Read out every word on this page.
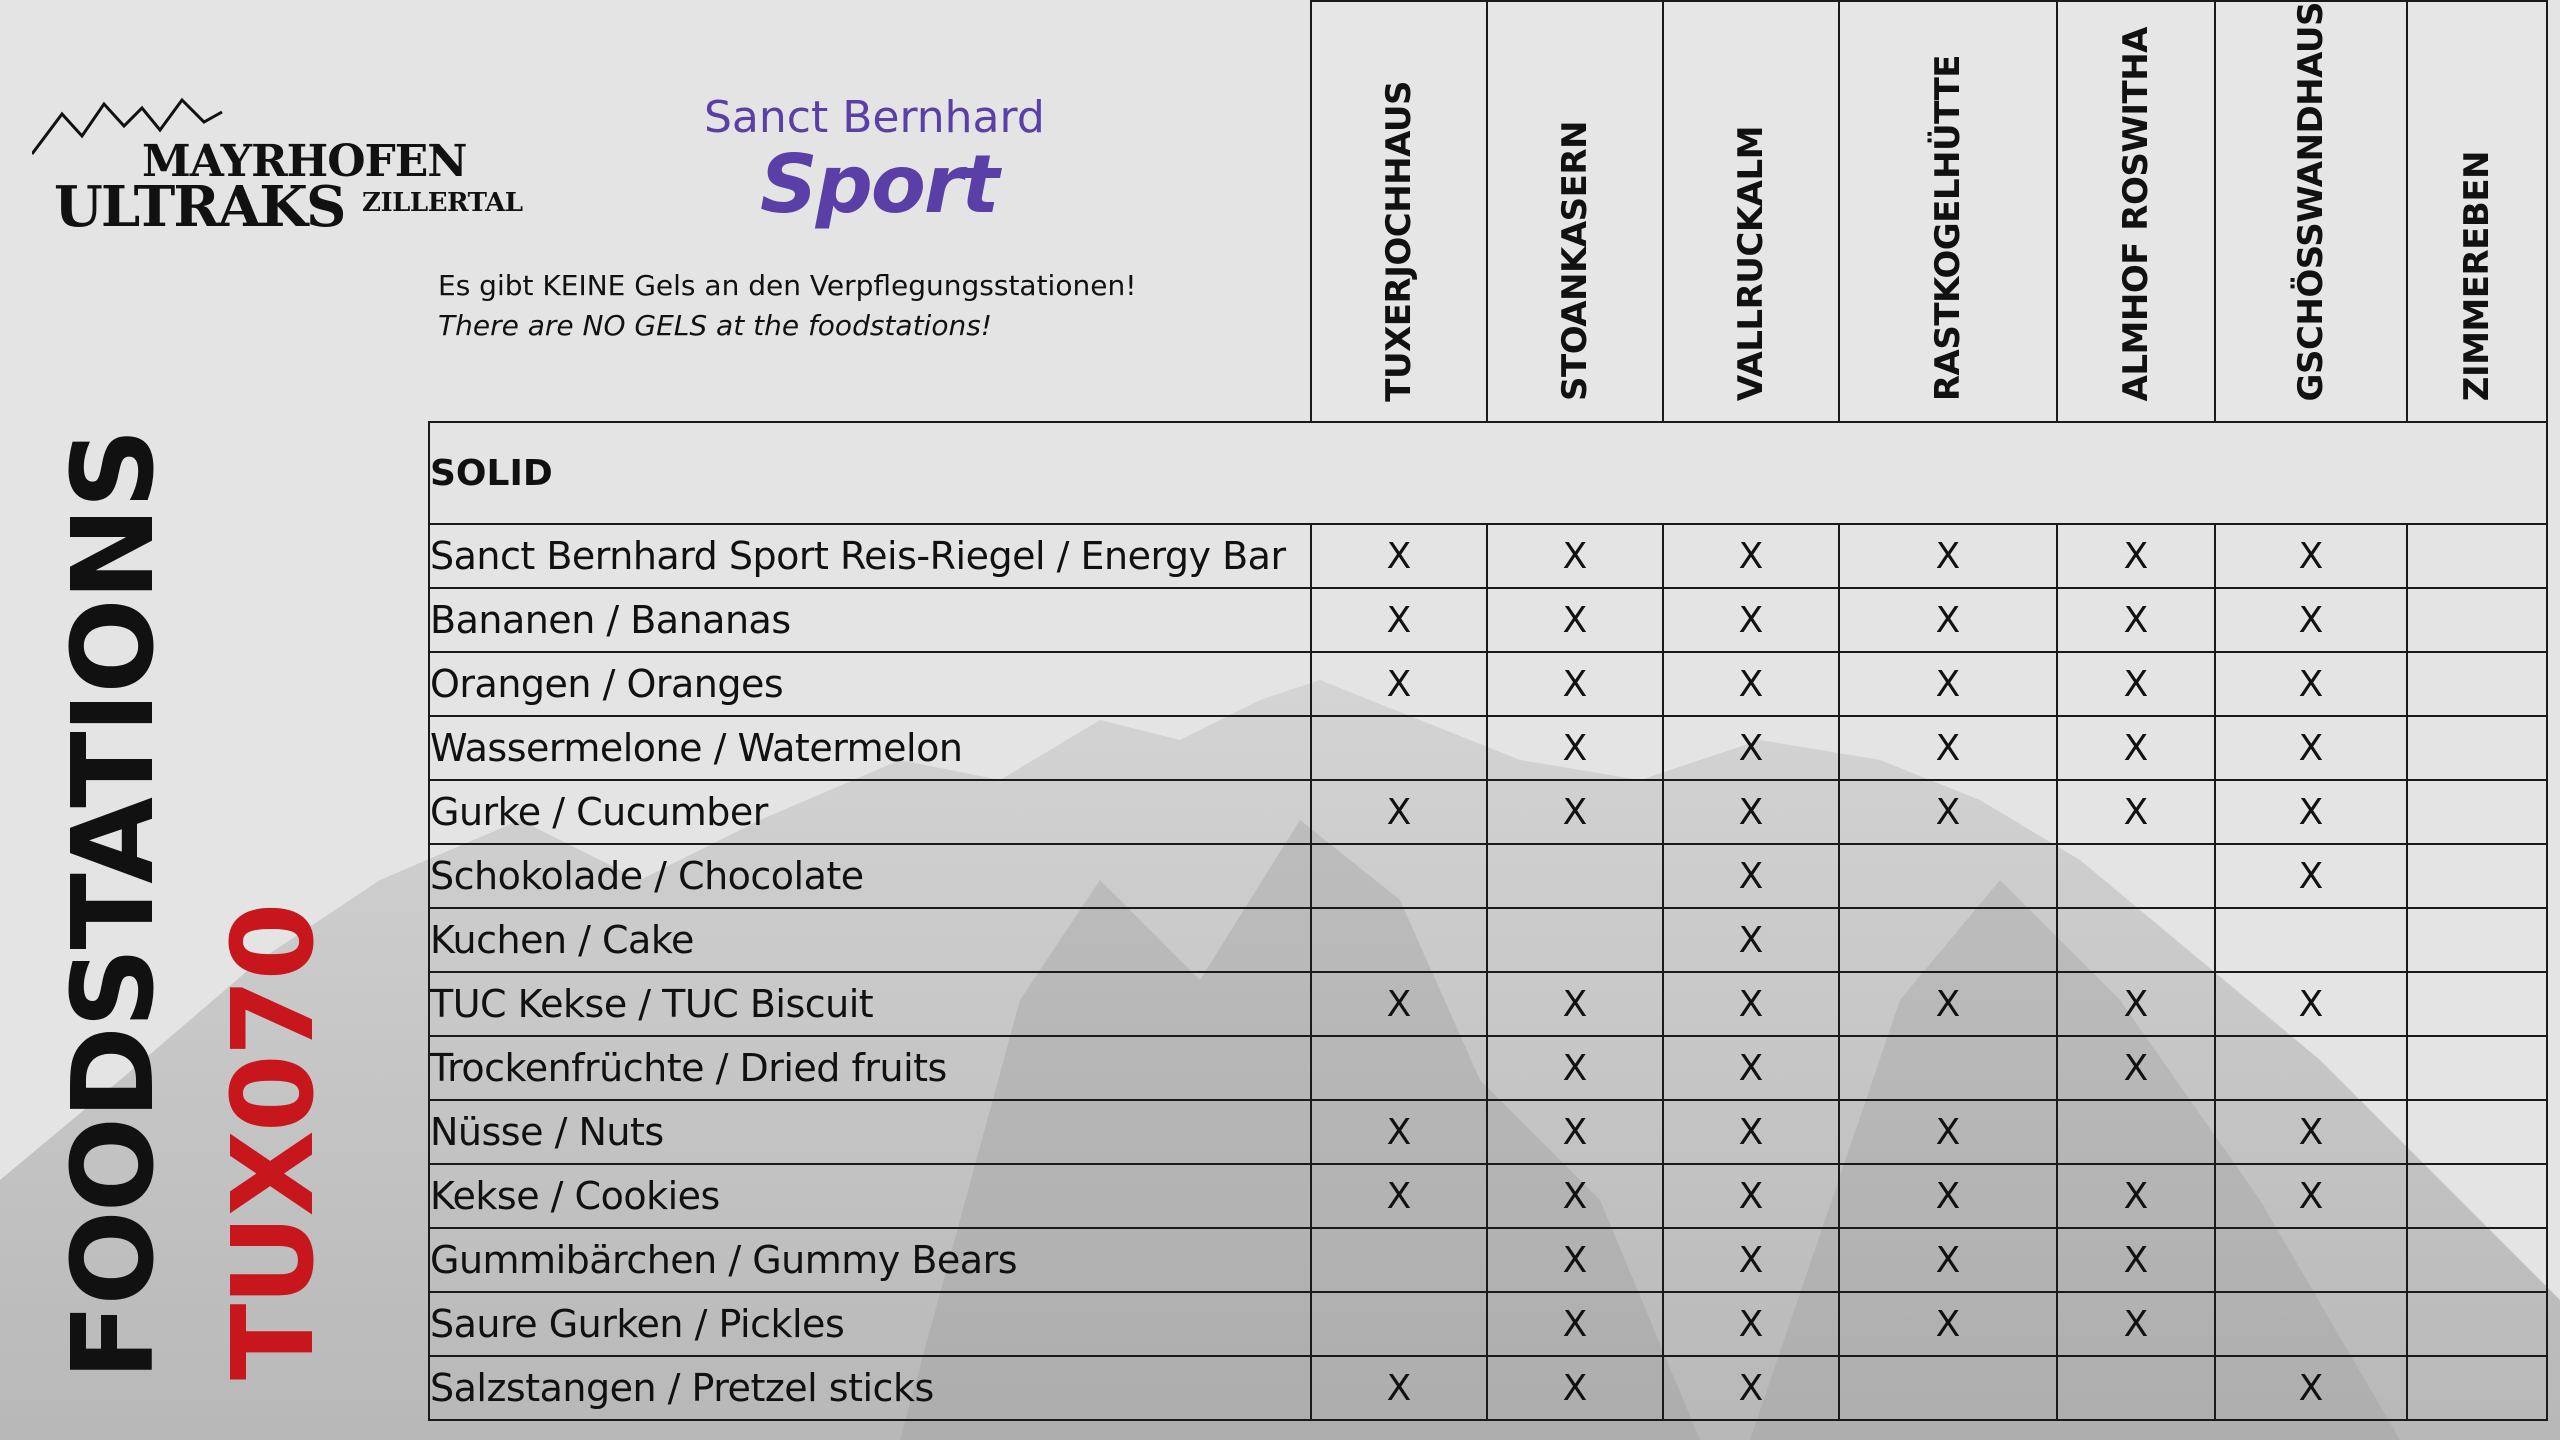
MAYRHOFEN
ULTRAKS ZILLERTAL
Sanct Bernhard
Sport
Es gibt KEINE Gels an den Verpflegungsstationen!
There are NO GELS at the foodstations!
FOODSTATIONS TUX070
	TUXERJOCHHAUS	STOANKASERN	VALLRUCKALM	RASTKOGELHÜTTE	ALMHOF ROSWITHA	GSCHÖSSWANDHAUS	ZIMMEREBEN
SOLID							
Sanct Bernhard Sport Reis-Riegel / Energy Bar	X	X	X	X	X	X	
Bananen / Bananas	X	X	X	X	X	X	
Orangen / Oranges	X	X	X	X	X	X	
Wassermelone / Watermelon		X	X	X	X	X	
Gurke / Cucumber	X	X	X	X	X	X	
Schokolade / Chocolate			X			X	
Kuchen / Cake			X				
TUC Kekse / TUC Biscuit	X	X	X	X	X	X	
Trockenfrüchte / Dried fruits		X	X		X		
Nüsse / Nuts	X	X	X	X		X	
Kekse / Cookies	X	X	X	X	X	X	
Gummibärchen / Gummy Bears		X	X	X	X		
Saure Gurken / Pickles		X	X	X	X		
Salzstangen / Pretzel sticks	X	X	X			X	
